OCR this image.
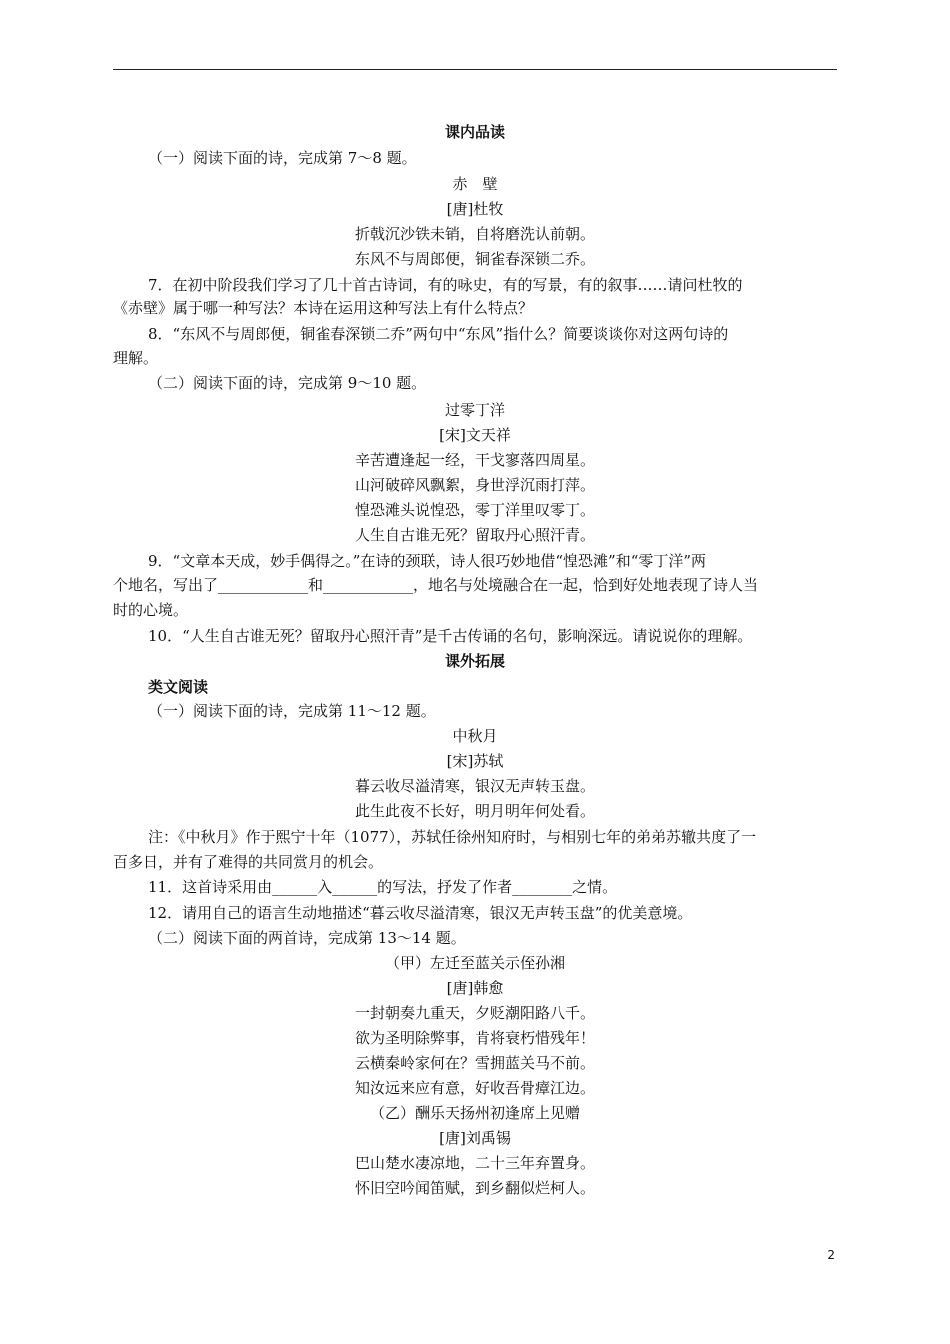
课内品读
（一）阅读下面的诗，完成第 7～8 题。
赤　壁
[唐]杜牧
折戟沉沙铁未销，自将磨洗认前朝。
东风不与周郎便，铜雀春深锁二乔。
7．在初中阶段我们学习了几十首古诗词，有的咏史，有的写景，有的叙事……请问杜牧的
《赤壁》属于哪一种写法？本诗在运用这种写法上有什么特点？
8．“东风不与周郎便，铜雀春深锁二乔”两句中“东风”指什么？简要谈谈你对这两句诗的
理解。
（二）阅读下面的诗，完成第 9～10 题。
过零丁洋
[宋]文天祥
辛苦遭逢起一经，干戈寥落四周星。
山河破碎风飘絮，身世浮沉雨打萍。
惶恐滩头说惶恐，零丁洋里叹零丁。
人生自古谁无死？留取丹心照汗青。
9．“文章本天成，妙手偶得之。”在诗的颈联，诗人很巧妙地借“惶恐滩”和“零丁洋”两
个地名，写出了____________和____________，地名与处境融合在一起，恰到好处地表现了诗人当
时的心境。
10．“人生自古谁无死？留取丹心照汗青”是千古传诵的名句，影响深远。请说说你的理解。
课外拓展
类文阅读
（一）阅读下面的诗，完成第 11～12 题。
中秋月
[宋]苏轼
暮云收尽溢清寒，银汉无声转玉盘。
此生此夜不长好，明月明年何处看。
注：《中秋月》作于熙宁十年（1077），苏轼任徐州知府时，与相别七年的弟弟苏辙共度了一
百多日，并有了难得的共同赏月的机会。
11．这首诗采用由______入______的写法，抒发了作者________之情。
12．请用自己的语言生动地描述“暮云收尽溢清寒，银汉无声转玉盘”的优美意境。
（二）阅读下面的两首诗，完成第 13～14 题。
（甲）左迁至蓝关示侄孙湘
[唐]韩愈
一封朝奏九重天，夕贬潮阳路八千。
欲为圣明除弊事，肯将衰朽惜残年！
云横秦岭家何在？雪拥蓝关马不前。
知汝远来应有意，好收吾骨瘴江边。
（乙）酬乐天扬州初逢席上见赠
[唐]刘禹锡
巴山楚水凄凉地，二十三年弃置身。
怀旧空吟闻笛赋，到乡翻似烂柯人。
2
